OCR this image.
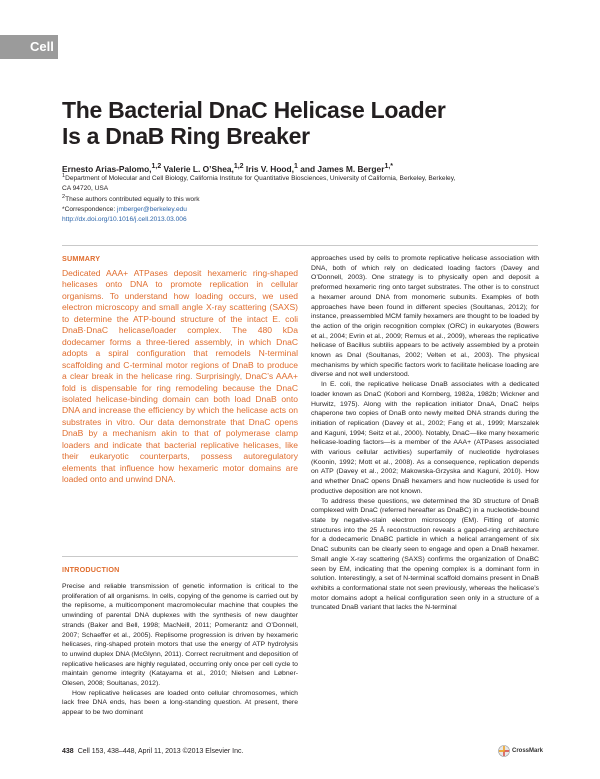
Cell
The Bacterial DnaC Helicase Loader
Is a DnaB Ring Breaker
Ernesto Arias-Palomo,$^{1,2}$ Valerie L. O’Shea,$^{1,2}$ Iris V. Hood,$^1$ and James M. Berger$^{1,*}$
$^1$Department of Molecular and Cell Biology, California Institute for Quantitative Biosciences, University of California, Berkeley, Berkeley,
CA 94720, USA
$^2$These authors contributed equally to this work
*Correspondence: jmberger@berkeley.edu
http://dx.doi.org/10.1016/j.cell.2013.03.006
SUMMARY

Dedicated AAA+ ATPases deposit hexameric ring-shaped helicases onto DNA to promote replication in cellular organisms. To understand how loading occurs, we used electron microscopy and small angle X-ray scattering (SAXS) to determine the ATP-bound structure of the intact E. coli DnaB·DnaC helicase/loader complex. The 480 kDa dodecamer forms a three-tiered assembly, in which DnaC adopts a spiral configuration that remodels N-terminal scaffolding and C-terminal motor regions of DnaB to produce a clear break in the helicase ring. Surprisingly, DnaC’s AAA+ fold is dispensable for ring remodeling because the DnaC isolated helicase-binding domain can both load DnaB onto DNA and increase the efficiency by which the helicase acts on substrates in vitro. Our data demonstrate that DnaC opens DnaB by a mechanism akin to that of polymerase clamp loaders and indicate that bacterial replicative helicases, like their eukaryotic counterparts, possess autoregulatory elements that influence how hexameric motor domains are loaded onto and unwind DNA.

INTRODUCTION

Precise and reliable transmission of genetic information is critical to the proliferation of all organisms. In cells, copying of the genome is carried out by the replisome, a multicomponent macromolecular machine that couples the unwinding of parental DNA duplexes with the synthesis of new daughter strands (Baker and Bell, 1998; MacNeill, 2011; Pomerantz and O’Donnell, 2007; Schaeffer et al., 2005). Replisome progression is driven by hexameric helicases, ring-shaped protein motors that use the energy of ATP hydrolysis to unwind duplex DNA (McGlynn, 2011). Correct recruitment and deposition of replicative helicases are highly regulated, occurring only once per cell cycle to maintain genome integrity (Katayama et al., 2010; Nielsen and Løbner-Olesen, 2008; Soultanas, 2012).

How replicative helicases are loaded onto cellular chromosomes, which lack free DNA ends, has been a long-standing question. At present, there appear to be two dominant

approaches used by cells to promote replicative helicase association with DNA, both of which rely on dedicated loading factors (Davey and O’Donnell, 2003). One strategy is to physically open and deposit a preformed hexameric ring onto target substrates. The other is to construct a hexamer around DNA from monomeric subunits. Examples of both approaches have been found in different species (Soultanas, 2012); for instance, preassembled MCM family hexamers are thought to be loaded by the action of the origin recognition complex (ORC) in eukaryotes (Bowers et al., 2004; Evrin et al., 2009; Remus et al., 2009), whereas the replicative helicase of Bacillus subtilis appears to be actively assembled by a protein known as DnaI (Soultanas, 2002; Velten et al., 2003). The physical mechanisms by which specific factors work to facilitate helicase loading are diverse and not well understood.

In E. coli, the replicative helicase DnaB associates with a dedicated loader known as DnaC (Kobori and Kornberg, 1982a, 1982b; Wickner and Hurwitz, 1975). Along with the replication initiator DnaA, DnaC helps chaperone two copies of DnaB onto newly melted DNA strands during the initiation of replication (Davey et al., 2002; Fang et al., 1999; Marszalek and Kaguni, 1994; Seitz et al., 2000). Notably, DnaC—like many hexameric helicase-loading factors—is a member of the AAA+ (ATPases associated with various cellular activities) superfamily of nucleotide hydrolases (Koonin, 1992; Mott et al., 2008). As a consequence, replication depends on ATP (Davey et al., 2002; Makowska-Grzyska and Kaguni, 2010). How and whether DnaC opens DnaB hexamers and how nucleotide is used for productive deposition are not known.

To address these questions, we determined the 3D structure of DnaB complexed with DnaC (referred hereafter as DnaBC) in a nucleotide-bound state by negative-stain electron microscopy (EM). Fitting of atomic structures into the 25 Å reconstruction reveals a gapped-ring architecture for a dodecameric DnaBC particle in which a helical arrangement of six DnaC subunits can be clearly seen to engage and open a DnaB hexamer. Small angle X-ray scattering (SAXS) confirms the organization of DnaBC seen by EM, indicating that the opening complex is a dominant form in solution. Interestingly, a set of N-terminal scaffold domains present in DnaB exhibits a conformational state not seen previously, whereas the helicase’s motor domains adopt a helical configuration seen only in a structure of a truncated DnaB variant that lacks the N-terminal

438 Cell 153, 438–448, April 11, 2013 ©2013 Elsevier Inc.	CrossMark
